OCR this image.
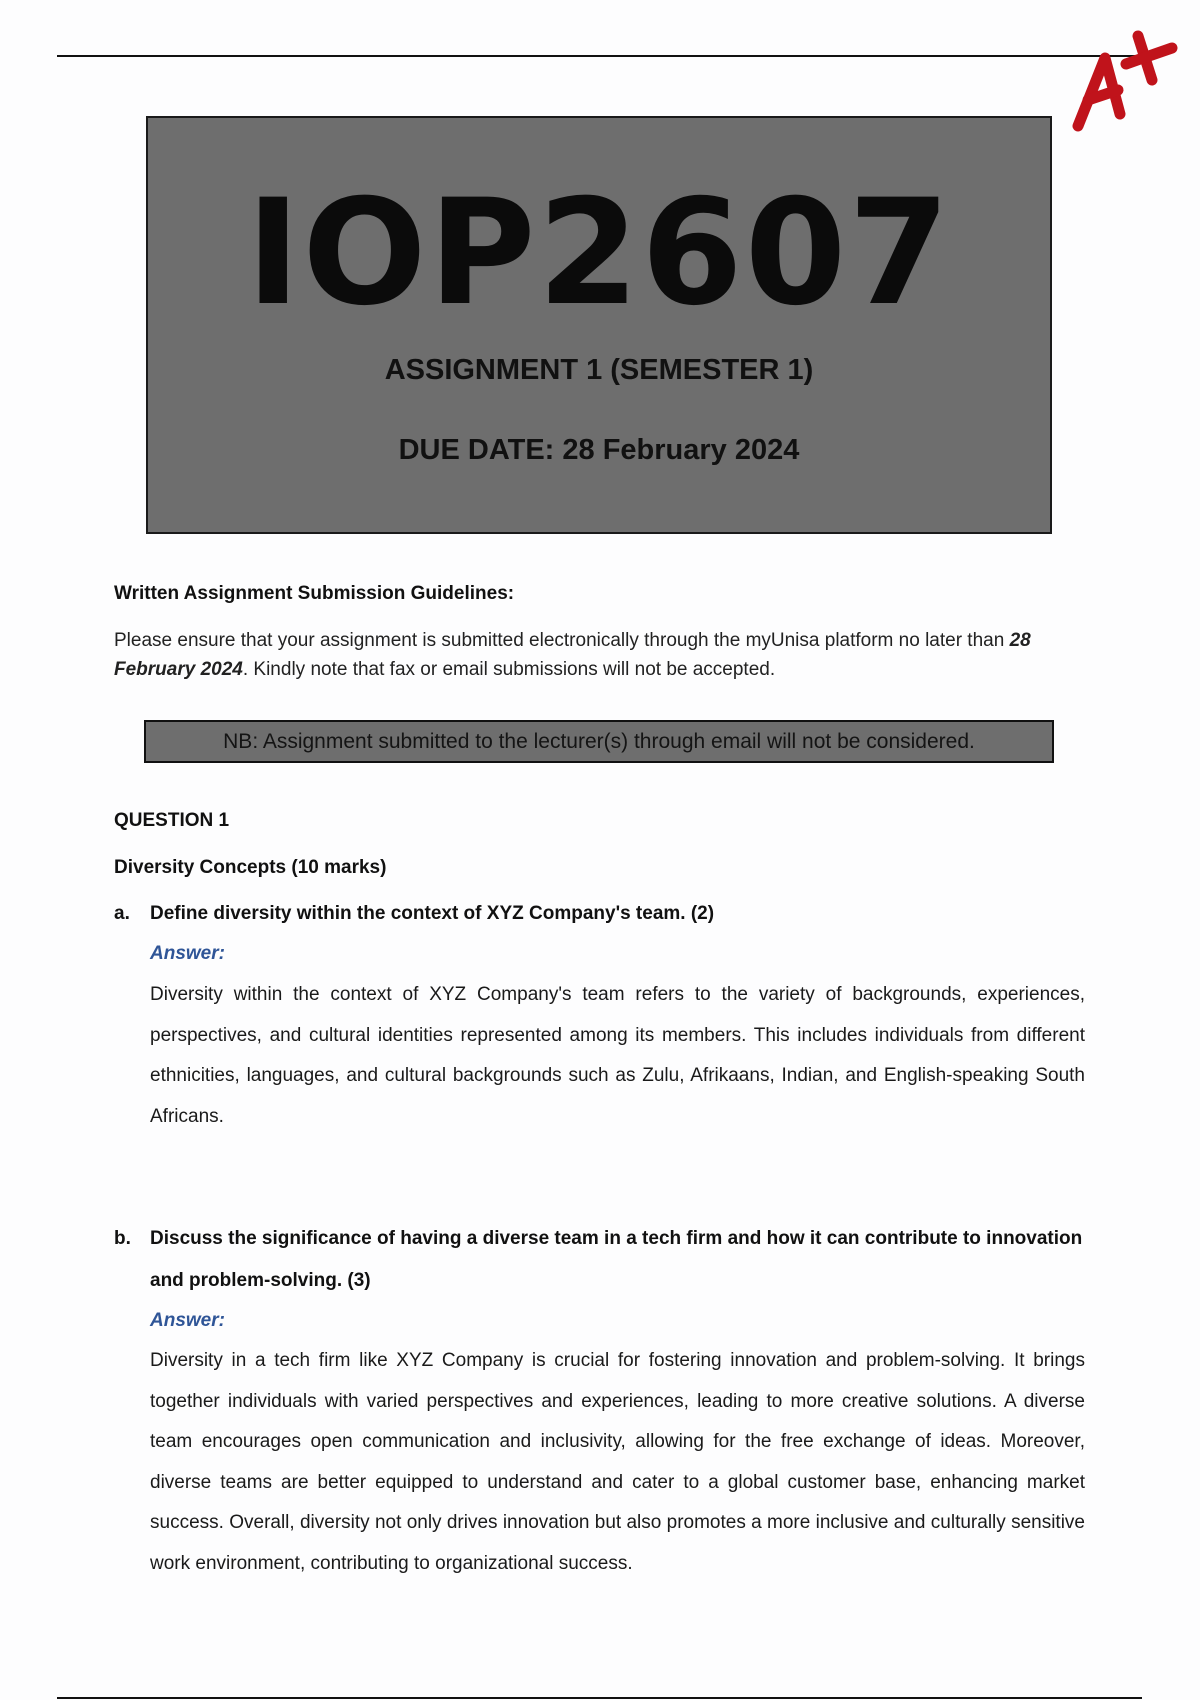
IOP2607
ASSIGNMENT 1 (SEMESTER 1)
DUE DATE: 28 February 2024
Written Assignment Submission Guidelines:
Please ensure that your assignment is submitted electronically through the myUnisa platform no later than 28 February 2024. Kindly note that fax or email submissions will not be accepted.
NB: Assignment submitted to the lecturer(s) through email will not be considered.
QUESTION 1
Diversity Concepts (10 marks)
a. Define diversity within the context of XYZ Company's team. (2)
Answer:
Diversity within the context of XYZ Company's team refers to the variety of backgrounds, experiences, perspectives, and cultural identities represented among its members. This includes individuals from different ethnicities, languages, and cultural backgrounds such as Zulu, Afrikaans, Indian, and English-speaking South Africans.
b. Discuss the significance of having a diverse team in a tech firm and how it can contribute to innovation and problem-solving. (3)
Answer:
Diversity in a tech firm like XYZ Company is crucial for fostering innovation and problem-solving. It brings together individuals with varied perspectives and experiences, leading to more creative solutions. A diverse team encourages open communication and inclusivity, allowing for the free exchange of ideas. Moreover, diverse teams are better equipped to understand and cater to a global customer base, enhancing market success. Overall, diversity not only drives innovation but also promotes a more inclusive and culturally sensitive work environment, contributing to organizational success.
